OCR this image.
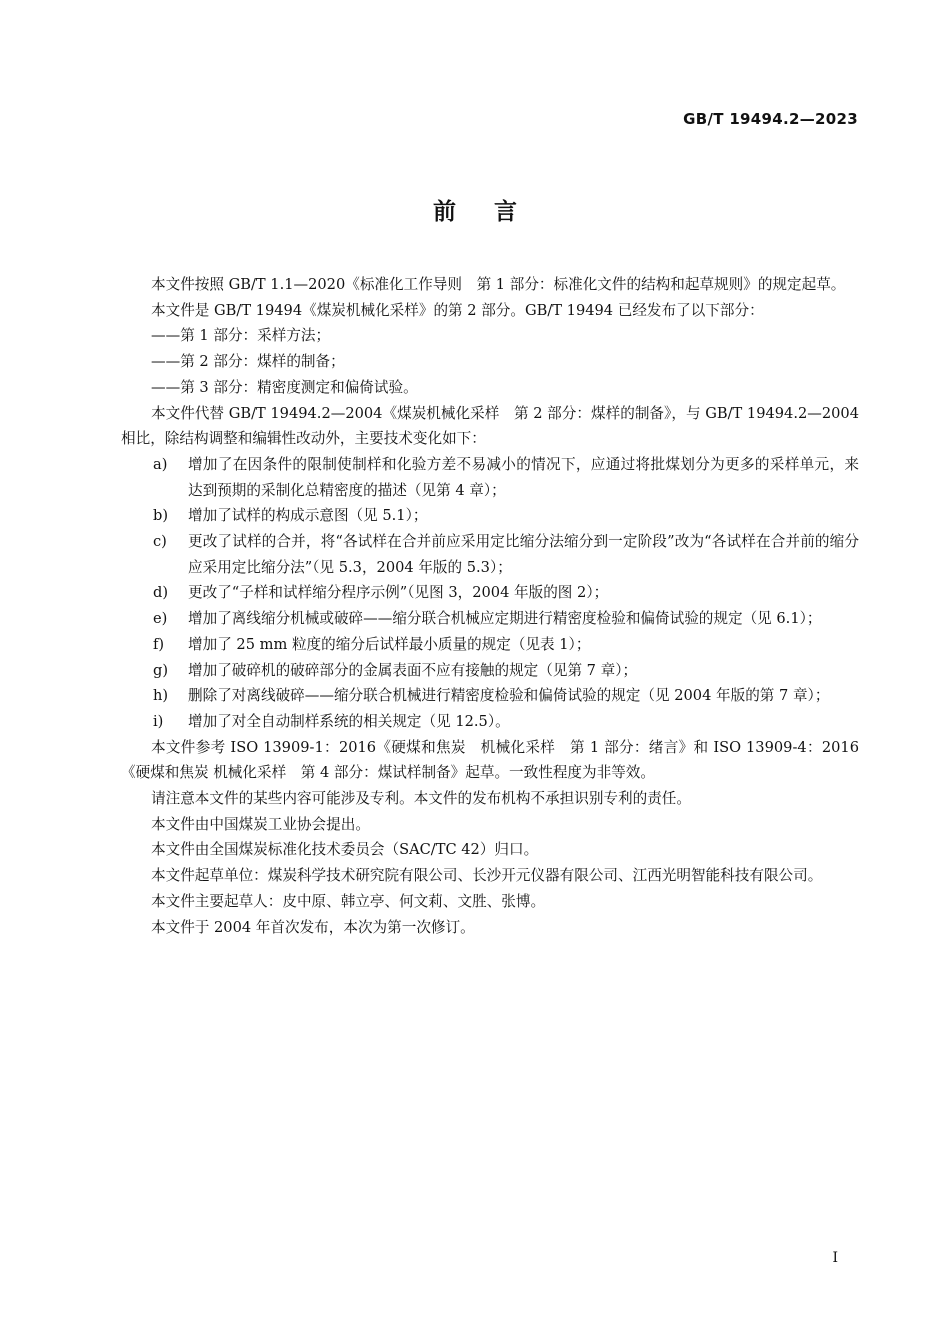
GB/T 19494.2—2023
前言

本文件按照 GB/T 1.1—2020《标准化工作导则　第 1 部分：标准化文件的结构和起草规则》的规定起草。

本文件是 GB/T 19494《煤炭机械化采样》的第 2 部分。GB/T 19494 已经发布了以下部分：

——第 1 部分：采样方法；

——第 2 部分：煤样的制备；

——第 3 部分：精密度测定和偏倚试验。

本文件代替 GB/T 19494.2—2004《煤炭机械化采样　第 2 部分：煤样的制备》，与 GB/T 19494.2—2004 相比，除结构调整和编辑性改动外，主要技术变化如下：

a) 增加了在因条件的限制使制样和化验方差不易减小的情况下，应通过将批煤划分为更多的采样单元，来达到预期的采制化总精密度的描述（见第 4 章）；
b) 增加了试样的构成示意图（见 5.1）；
c) 更改了试样的合并，将“各试样在合并前应采用定比缩分法缩分到一定阶段”改为“各试样在合并前的缩分应采用定比缩分法”（见 5.3，2004 年版的 5.3）；
d) 更改了“子样和试样缩分程序示例”（见图 3，2004 年版的图 2）；
e) 增加了离线缩分机械或破碎——缩分联合机械应定期进行精密度检验和偏倚试验的规定（见 6.1）；
f) 增加了 25 mm 粒度的缩分后试样最小质量的规定（见表 1）；
g) 增加了破碎机的破碎部分的金属表面不应有接触的规定（见第 7 章）；
h) 删除了对离线破碎——缩分联合机械进行精密度检验和偏倚试验的规定（见 2004 年版的第 7 章）；
i) 增加了对全自动制样系统的相关规定（见 12.5）。

本文件参考 ISO 13909-1：2016《硬煤和焦炭　机械化采样　第 1 部分：绪言》和 ISO 13909-4：2016《硬煤和焦炭 机械化采样　第 4 部分：煤试样制备》起草。一致性程度为非等效。

请注意本文件的某些内容可能涉及专利。本文件的发布机构不承担识别专利的责任。

本文件由中国煤炭工业协会提出。

本文件由全国煤炭标准化技术委员会（SAC/TC 42）归口。

本文件起草单位：煤炭科学技术研究院有限公司、长沙开元仪器有限公司、江西光明智能科技有限公司。

本文件主要起草人：皮中原、韩立亭、何文莉、文胜、张博。

本文件于 2004 年首次发布，本次为第一次修订。

I
